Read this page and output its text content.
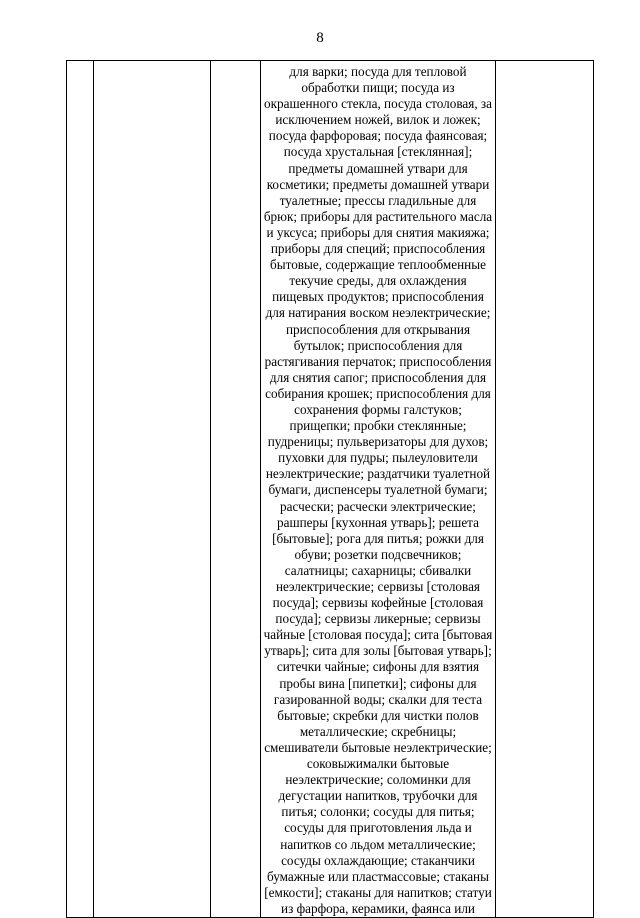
8

для варки; посуда для тепловой обработки пищи; посуда из окрашенного стекла, посуда столовая, за исключением ножей, вилок и ложек; посуда фарфоровая; посуда фаянсовая; посуда хрустальная [стеклянная]; предметы домашней утвари для косметики; предметы домашней утвари туалетные; прессы гладильные для брюк; приборы для растительного масла и уксуса; приборы для снятия макияжа; приборы для специй; приспособления бытовые, содержащие теплообменные текучие среды, для охлаждения пищевых продуктов; приспособления для натирания воском неэлектрические; приспособления для открывания бутылок; приспособления для растягивания перчаток; приспособления для снятия сапог; приспособления для собирания крошек; приспособления для сохранения формы галстуков; прищепки; пробки стеклянные; пудреницы; пульверизаторы для духов; пуховки для пудры; пылеуловители неэлектрические; раздатчики туалетной бумаги, диспенсеры туалетной бумаги; расчески; расчески электрические; рашперы [кухонная утварь]; решета [бытовые]; рога для питья; рожки для обуви; розетки подсвечников; салатницы; сахарницы; сбивалки неэлектрические; сервизы [столовая посуда]; сервизы кофейные [столовая посуда]; сервизы ликерные; сервизы чайные [столовая посуда]; сита [бытовая утварь]; сита для золы [бытовая утварь]; ситечки чайные; сифоны для взятия пробы вина [пипетки]; сифоны для газированной воды; скалки для теста бытовые; скребки для чистки полов металлические; скребницы; смешиватели бытовые неэлектрические; соковыжималки бытовые неэлектрические; соломинки для дегустации напитков, трубочки для питья; солонки; сосуды для питья; сосуды для приготовления льда и напитков со льдом металлические; сосуды охлаждающие; стаканчики бумажные или пластмассовые; стаканы [емкости]; стаканы для напитков; статуи из фарфора, керамики, фаянса или
